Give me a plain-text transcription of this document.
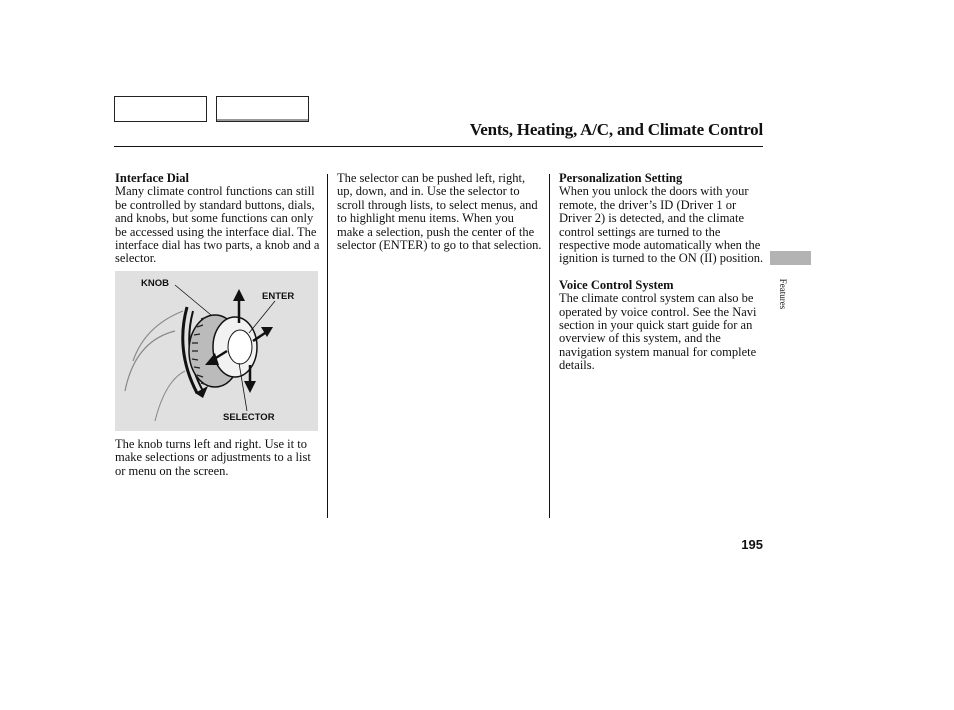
Vents, Heating, A/C, and Climate Control

Interface Dial

Many climate control functions can still be controlled by standard buttons, dials, and knobs, but some functions can only be accessed using the interface dial. The interface dial has two parts, a knob and a selector.

KNOB
ENTER
SELECTOR

The knob turns left and right. Use it to make selections or adjustments to a list or menu on the screen.

The selector can be pushed left, right, up, down, and in. Use the selector to scroll through lists, to select menus, and to highlight menu items. When you make a selection, push the center of the selector (ENTER) to go to that selection.

Personalization Setting

When you unlock the doors with your remote, the driver’s ID (Driver 1 or Driver 2) is detected, and the climate control settings are turned to the respective mode automatically when the ignition is turned to the ON (II) position.

Voice Control System

The climate control system can also be operated by voice control. See the Navi section in your quick start guide for an overview of this system, and the navigation system manual for complete details.

Features
195
